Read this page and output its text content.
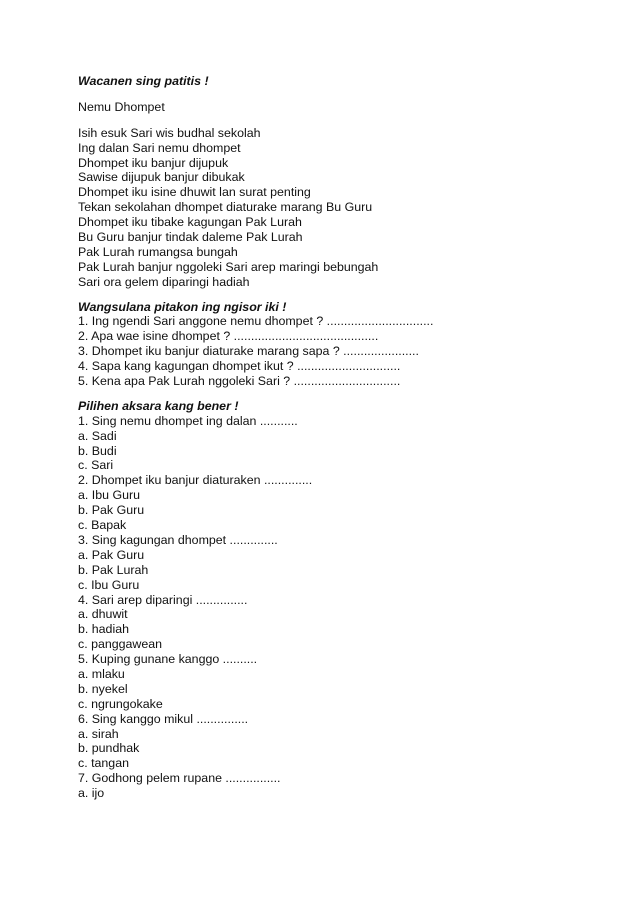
Wacanen sing patitis !
Nemu Dhompet
Isih esuk Sari wis budhal sekolah
Ing dalan Sari nemu dhompet
Dhompet iku banjur dijupuk
Sawise dijupuk banjur dibukak
Dhompet iku isine dhuwit lan surat penting
Tekan sekolahan dhompet diaturake marang Bu Guru
Dhompet iku tibake kagungan Pak Lurah
Bu Guru banjur tindak daleme Pak Lurah
Pak Lurah rumangsa bungah
Pak Lurah banjur nggoleki Sari arep maringi bebungah
Sari ora gelem diparingi hadiah
Wangsulana pitakon ing ngisor iki !
1. Ing ngendi Sari anggone nemu dhompet ? ...............................
2. Apa wae isine dhompet ? ..........................................
3. Dhompet iku banjur diaturake marang sapa ? ......................
4. Sapa kang kagungan dhompet ikut ? ..............................
5. Kena apa Pak Lurah nggoleki Sari ? ...............................
Pilihen aksara kang bener !
1. Sing nemu dhompet ing dalan ...........
a. Sadi
b. Budi
c. Sari
2. Dhompet iku banjur diaturaken ..............
a. Ibu Guru
b. Pak Guru
c. Bapak
3. Sing kagungan dhompet ..............
a. Pak Guru
b. Pak Lurah
c. Ibu Guru
4. Sari arep diparingi ...............
a. dhuwit
b. hadiah
c. panggawean
5. Kuping gunane kanggo ..........
a. mlaku
b. nyekel
c. ngrungokake
6. Sing kanggo mikul ...............
a. sirah
b. pundhak
c. tangan
7. Godhong pelem rupane ................
a. ijo
